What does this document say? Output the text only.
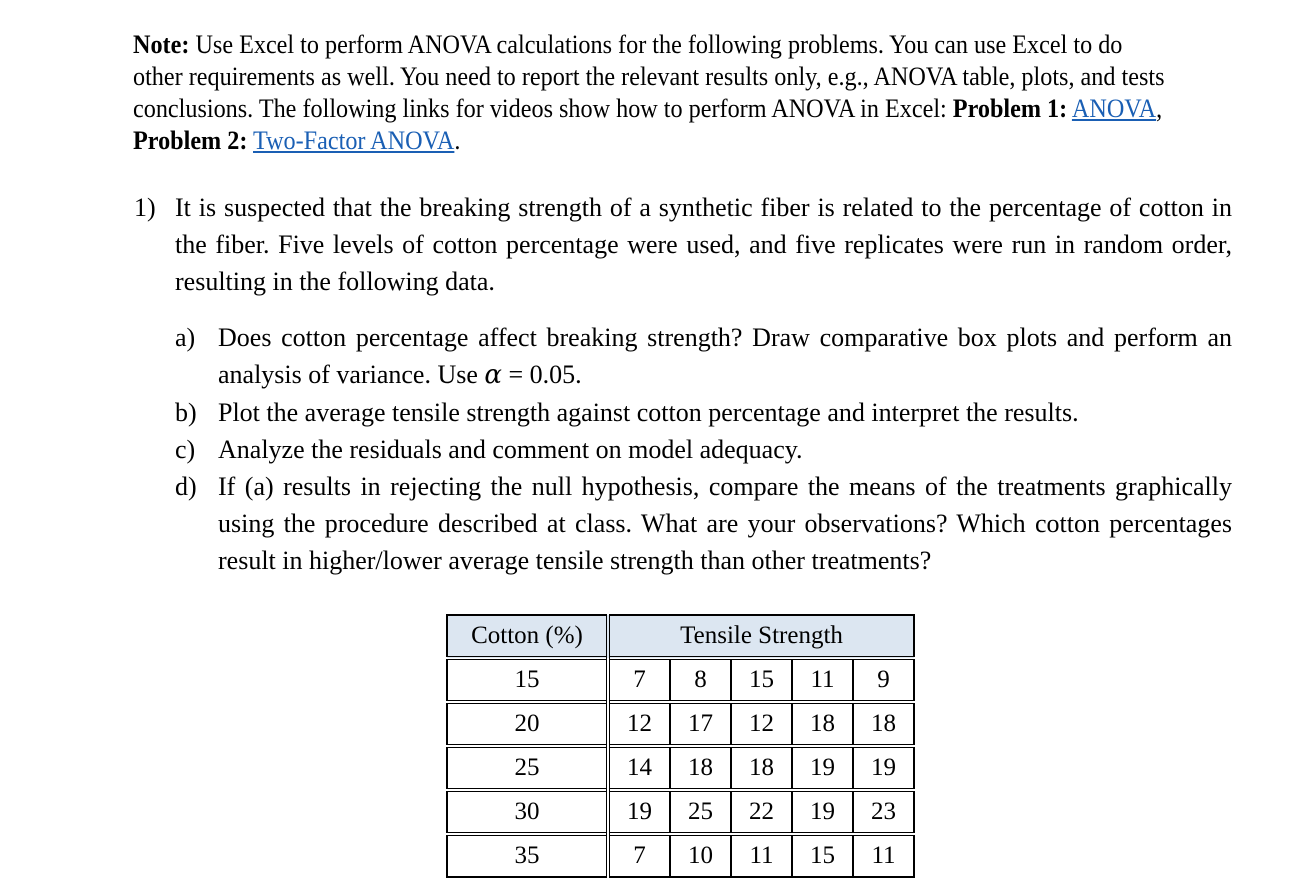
Note: Use Excel to perform ANOVA calculations for the following problems. You can use Excel to do other requirements as well. You need to report the relevant results only, e.g., ANOVA table, plots, and tests conclusions. The following links for videos show how to perform ANOVA in Excel: Problem 1: ANOVA, Problem 2: Two-Factor ANOVA.
1) It is suspected that the breaking strength of a synthetic fiber is related to the percentage of cotton in the fiber. Five levels of cotton percentage were used, and five replicates were run in random order, resulting in the following data.
a) Does cotton percentage affect breaking strength? Draw comparative box plots and perform an analysis of variance. Use α = 0.05.
b) Plot the average tensile strength against cotton percentage and interpret the results.
c) Analyze the residuals and comment on model adequacy.
d) If (a) results in rejecting the null hypothesis, compare the means of the treatments graphically using the procedure described at class. What are your observations? Which cotton percentages result in higher/lower average tensile strength than other treatments?
Cotton (%)	Tensile Strength				
15	7	8	15	11	9
20	12	17	12	18	18
25	14	18	18	19	19
30	19	25	22	19	23
35	7	10	11	15	11
